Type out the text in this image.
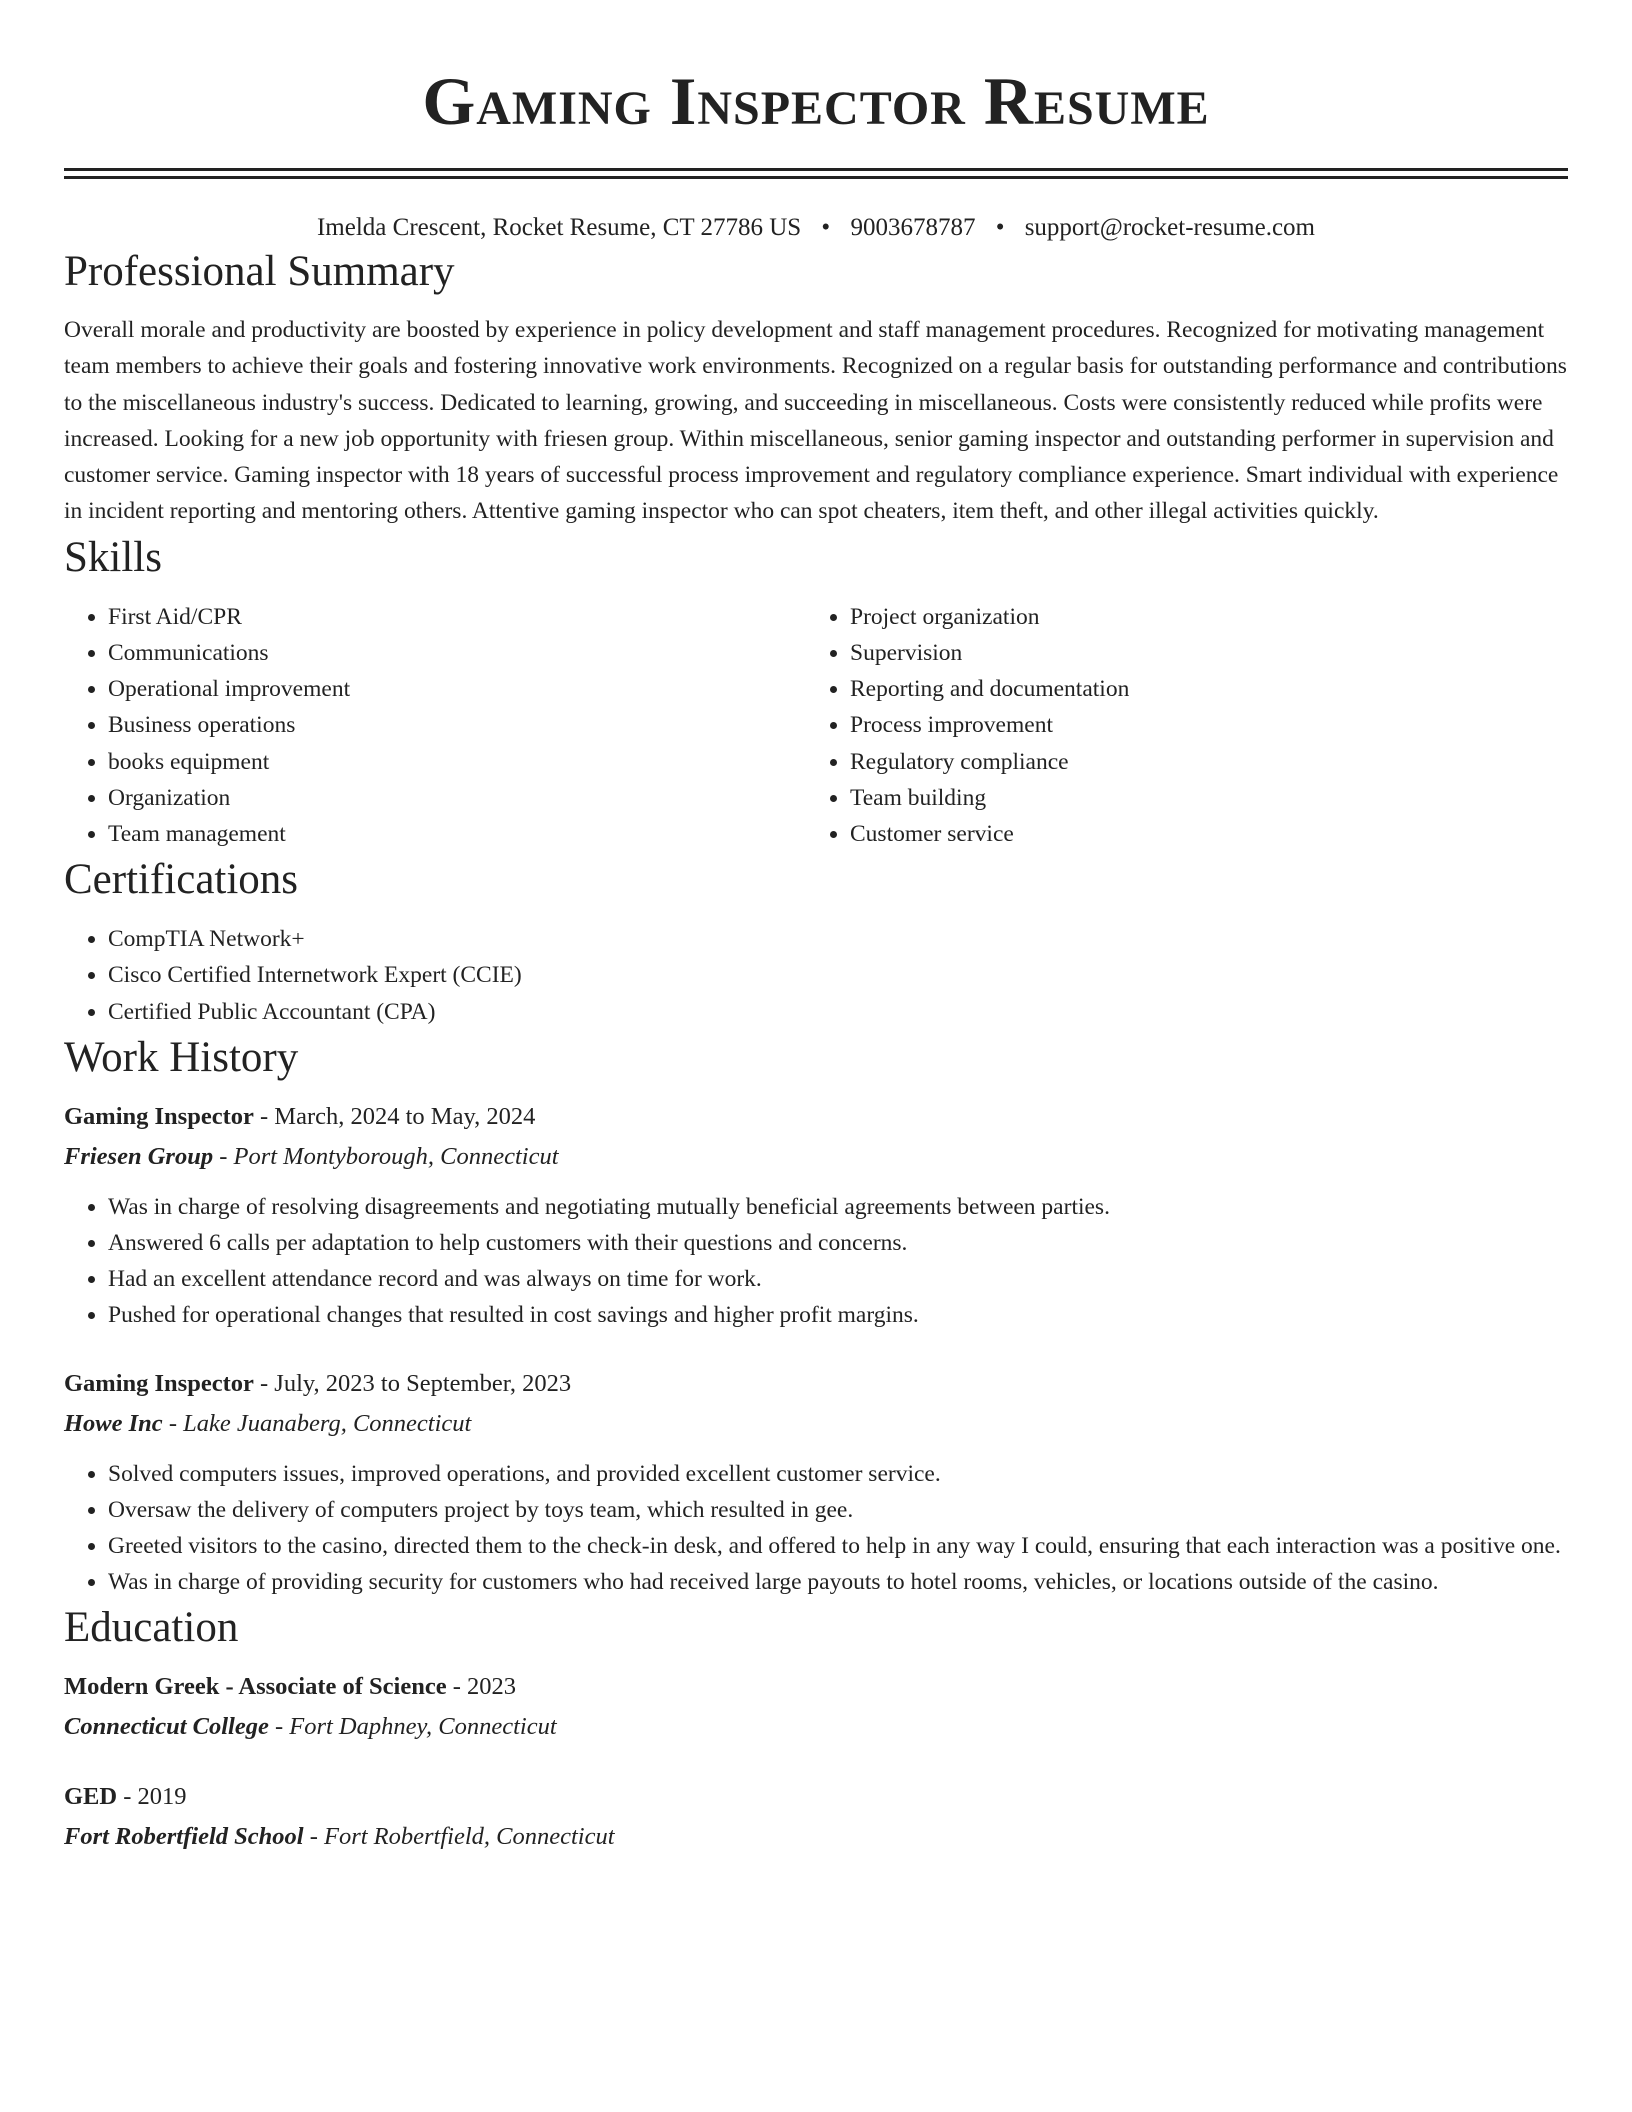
Gaming Inspector Resume
Imelda Crescent, Rocket Resume, CT 27786 US • 9003678787 • support@rocket-resume.com
Professional Summary

Overall morale and productivity are boosted by experience in policy development and staff management procedures. Recognized for motivating management team members to achieve their goals and fostering innovative work environments. Recognized on a regular basis for outstanding performance and contributions to the miscellaneous industry's success. Dedicated to learning, growing, and succeeding in miscellaneous. Costs were consistently reduced while profits were increased. Looking for a new job opportunity with friesen group. Within miscellaneous, senior gaming inspector and outstanding performer in supervision and customer service. Gaming inspector with 18 years of successful process improvement and regulatory compliance experience. Smart individual with experience in incident reporting and mentoring others. Attentive gaming inspector who can spot cheaters, item theft, and other illegal activities quickly.

Skills
• First Aid/CPR
• Communications
• Operational improvement
• Business operations
• books equipment
• Organization
• Team management
• Project organization
• Supervision
• Reporting and documentation
• Process improvement
• Regulatory compliance
• Team building
• Customer service
Certifications
• CompTIA Network+
• Cisco Certified Internetwork Expert (CCIE)
• Certified Public Accountant (CPA)
Work History
Gaming Inspector - March, 2024 to May, 2024
Friesen Group - Port Montyborough, Connecticut
• Was in charge of resolving disagreements and negotiating mutually beneficial agreements between parties.
• Answered 6 calls per adaptation to help customers with their questions and concerns.
• Had an excellent attendance record and was always on time for work.
• Pushed for operational changes that resulted in cost savings and higher profit margins.
Gaming Inspector - July, 2023 to September, 2023
Howe Inc - Lake Juanaberg, Connecticut
• Solved computers issues, improved operations, and provided excellent customer service.
• Oversaw the delivery of computers project by toys team, which resulted in gee.
• Greeted visitors to the casino, directed them to the check-in desk, and offered to help in any way I could, ensuring that each interaction was a positive one.
• Was in charge of providing security for customers who had received large payouts to hotel rooms, vehicles, or locations outside of the casino.
Education
Modern Greek - Associate of Science - 2023
Connecticut College - Fort Daphney, Connecticut
GED - 2019
Fort Robertfield School - Fort Robertfield, Connecticut
